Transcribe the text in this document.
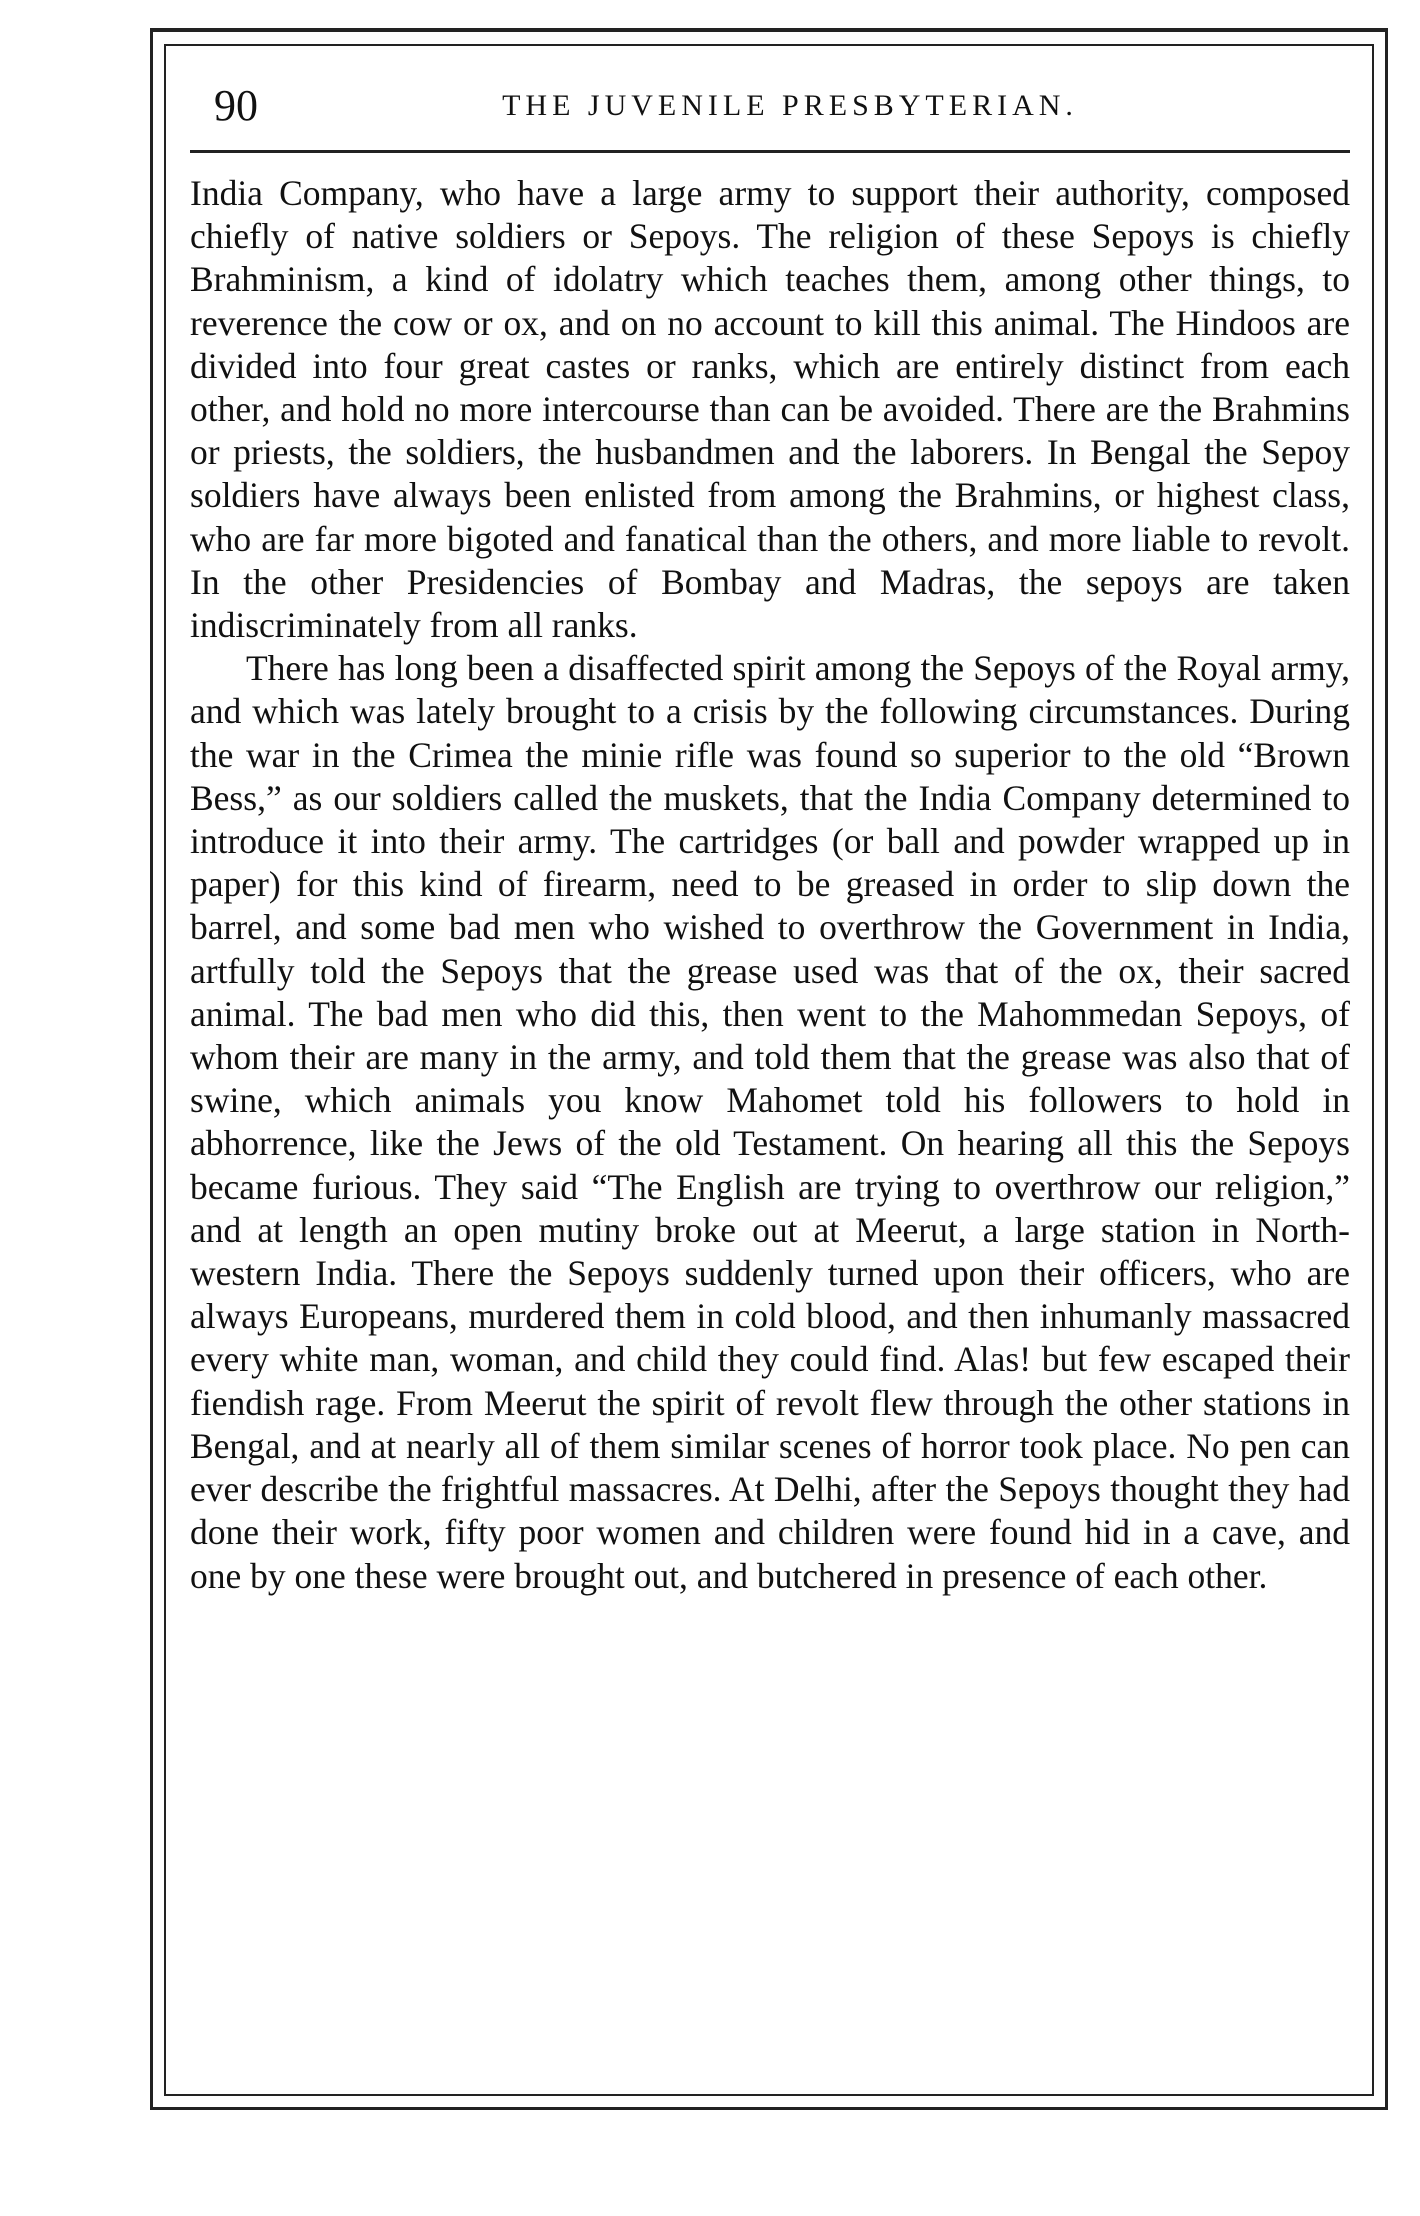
90	THE JUVENILE PRESBYTERIAN.

India Company, who have a large army to support their authority, composed chiefly of native soldiers or Sepoys. The religion of these Sepoys is chiefly Brahminism, a kind of idolatry which teaches them, among other things, to reverence the cow or ox, and on no account to kill this animal. The Hindoos are divided into four great castes or ranks, which are entirely distinct from each other, and hold no more intercourse than can be avoided. There are the Brahmins or priests, the soldiers, the husbandmen and the laborers. In Bengal the Sepoy soldiers have always been enlisted from among the Brahmins, or highest class, who are far more bigoted and fanatical than the others, and more liable to revolt. In the other Presidencies of Bombay and Madras, the sepoys are taken indiscriminately from all ranks.

There has long been a disaffected spirit among the Sepoys of the Royal army, and which was lately brought to a crisis by the following circumstances. During the war in the Crimea the minie rifle was found so superior to the old “Brown Bess,” as our soldiers called the muskets, that the India Company determined to introduce it into their army. The cartridges (or ball and powder wrapped up in paper) for this kind of firearm, need to be greased in order to slip down the barrel, and some bad men who wished to overthrow the Government in India, artfully told the Sepoys that the grease used was that of the ox, their sacred animal. The bad men who did this, then went to the Mahommedan Sepoys, of whom their are many in the army, and told them that the grease was also that of swine, which animals you know Mahomet told his followers to hold in abhorrence, like the Jews of the old Testament. On hearing all this the Sepoys became furious. They said “The English are trying to overthrow our religion,” and at length an open mutiny broke out at Meerut, a large station in North-western India. There the Sepoys suddenly turned upon their officers, who are always Europeans, murdered them in cold blood, and then inhumanly massacred every white man, woman, and child they could find. Alas! but few escaped their fiendish rage. From Meerut the spirit of revolt flew through the other stations in Bengal, and at nearly all of them similar scenes of horror took place. No pen can ever describe the frightful massacres. At Delhi, after the Sepoys thought they had done their work, fifty poor women and children were found hid in a cave, and one by one these were brought out, and butchered in presence of each other.
